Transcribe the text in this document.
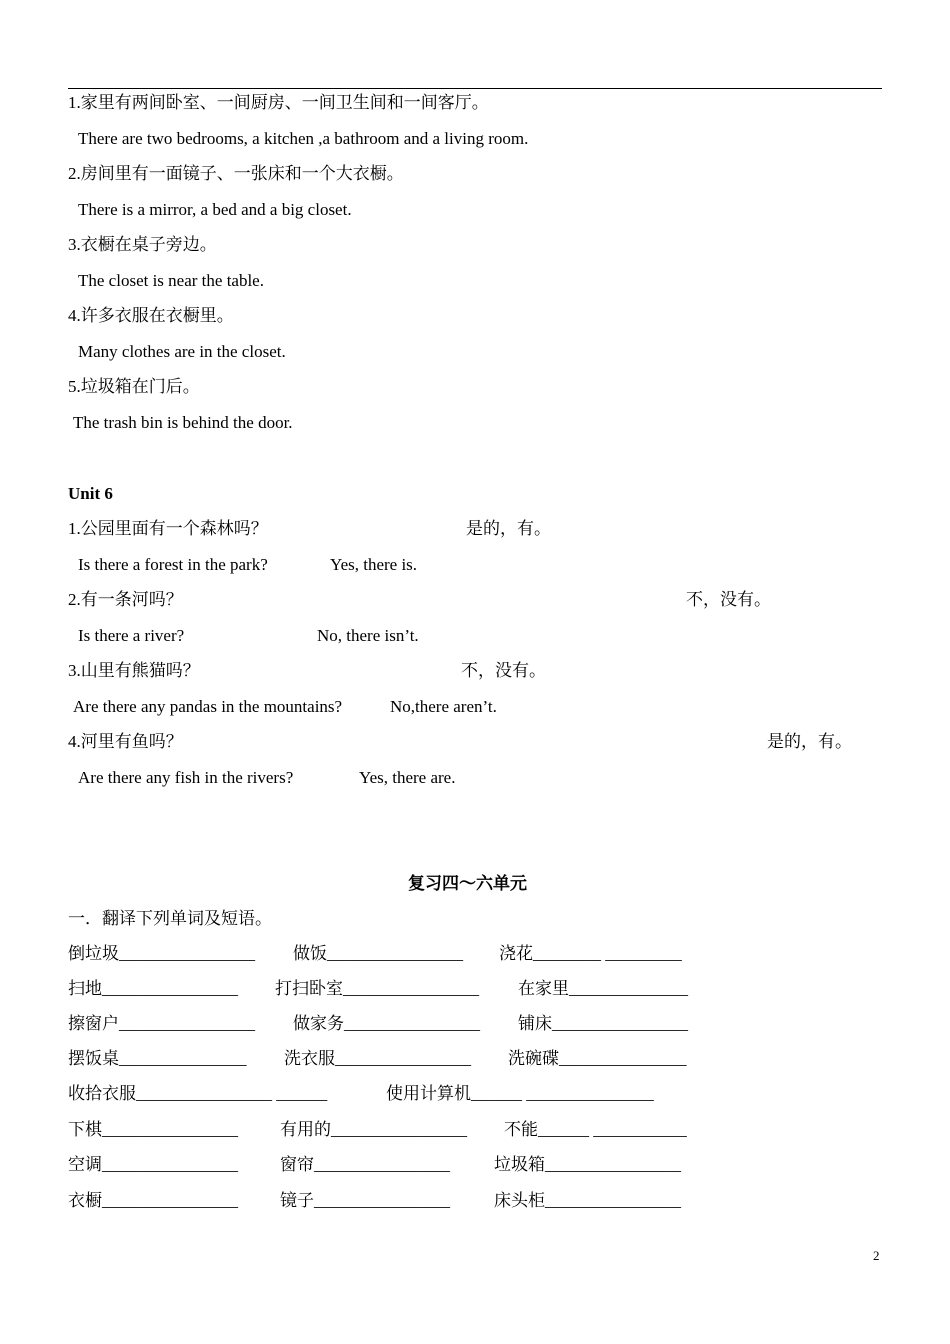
1.家里有两间卧室、一间厨房、一间卫生间和一间客厅。
There are two bedrooms, a kitchen ,a bathroom and a living room.
2.房间里有一面镜子、一张床和一个大衣橱。
There is a mirror, a bed and a big closet.
3.衣橱在桌子旁边。
The closet is near the table.
4.许多衣服在衣橱里。
Many clothes are in the closet.
5.垃圾箱在门后。
The trash bin is behind the door.
Unit 6
1.公园里面有一个森林吗？	是的，有。
Is there a forest in the park?	Yes, there is.
2.有一条河吗？	不，没有。
Is there a river?	No, there isn’t.
3.山里有熊猫吗？	不，没有。
Are there any pandas in the mountains?	No,there aren’t.
4.河里有鱼吗？	是的，有。
Are there any fish in the rivers?	Yes, there are.
复习四～六单元
一．翻译下列单词及短语。
倒垃圾________________ 做饭________________ 浇花________ _________
扫地________________ 打扫卧室________________ 在家里______________
擦窗户________________ 做家务________________ 铺床________________
摆饭桌_______________ 洗衣服________________ 洗碗碟_______________
收拾衣服________________ ______	使用计算机______ _______________
下棋________________ 有用的________________ 不能______ ___________
空调________________ 窗帘________________	垃圾箱________________
衣橱________________ 镜子________________	床头柜________________
2
